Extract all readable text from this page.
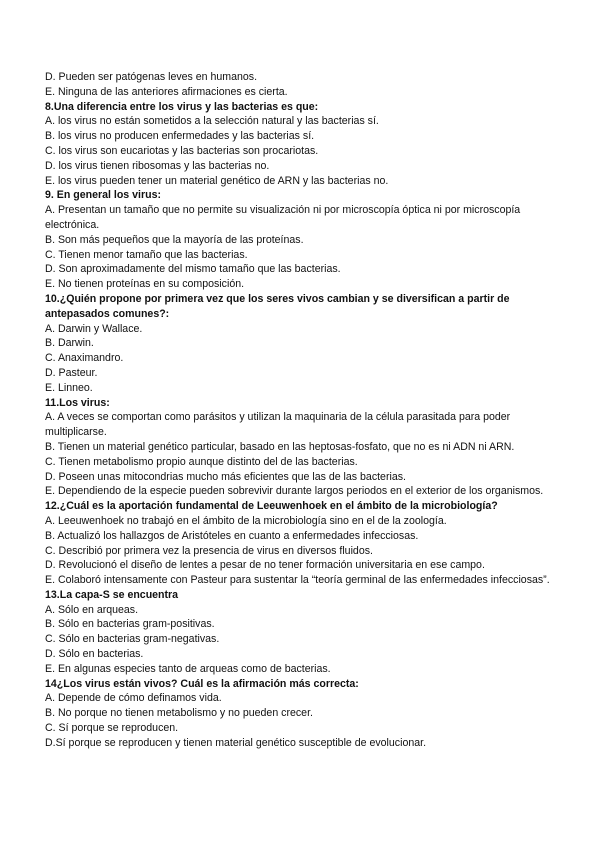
D. Pueden ser patógenas leves en humanos.
E. Ninguna de las anteriores afirmaciones es cierta.
8.Una diferencia entre los virus y las bacterias es que:
A. los virus no están sometidos a la selección natural y las bacterias sí.
B. los virus no producen enfermedades y las bacterias sí.
C. los virus son eucariotas y las bacterias son procariotas.
D. los virus tienen ribosomas y las bacterias no.
E. los virus pueden tener un material genético de ARN y las bacterias no.
9. En general los virus:
A. Presentan un tamaño que no permite su visualización ni por microscopía óptica ni por microscopía electrónica.
B. Son más pequeños que la mayoría de las proteínas.
C. Tienen menor tamaño que las bacterias.
D. Son aproximadamente del mismo tamaño que las bacterias.
E. No tienen proteínas en su composición.
10.¿Quién propone por primera vez que los seres vivos cambian y se diversifican a partir de antepasados comunes?:
A. Darwin y Wallace.
B. Darwin.
C. Anaximandro.
D. Pasteur.
E. Linneo.
11.Los virus:
A. A veces se comportan como parásitos y utilizan la maquinaria de la célula parasitada para poder multiplicarse.
B. Tienen un material genético particular, basado en las heptosas-fosfato, que no es ni ADN ni ARN.
C. Tienen metabolismo propio aunque distinto del de las bacterias.
D. Poseen unas mitocondrias mucho más eficientes que las de las bacterias.
E. Dependiendo de la especie pueden sobrevivir durante largos periodos en el exterior de los organismos.
12.¿Cuál es la aportación fundamental de Leeuwenhoek en el ámbito de la microbiología?
A. Leeuwenhoek no trabajó en el ámbito de la microbiología sino en el de la zoología.
B. Actualizó los hallazgos de Aristóteles en cuanto a enfermedades infecciosas.
C. Describió por primera vez la presencia de virus en diversos fluidos.
D. Revolucionó el diseño de lentes a pesar de no tener formación universitaria en ese campo.
E. Colaboró intensamente con Pasteur para sustentar la “teoría germinal de las enfermedades infecciosas”.
13.La capa-S se encuentra
A. Sólo en arqueas.
B. Sólo en bacterias gram-positivas.
C. Sólo en bacterias gram-negativas.
D. Sólo en bacterias.
E. En algunas especies tanto de arqueas como de bacterias.
14¿Los virus están vivos? Cuál es la afirmación más correcta:
A. Depende de cómo definamos vida.
B. No porque no tienen metabolismo y no pueden crecer.
C. Sí porque se reproducen.
D.Sí porque se reproducen y tienen material genético susceptible de evolucionar.
